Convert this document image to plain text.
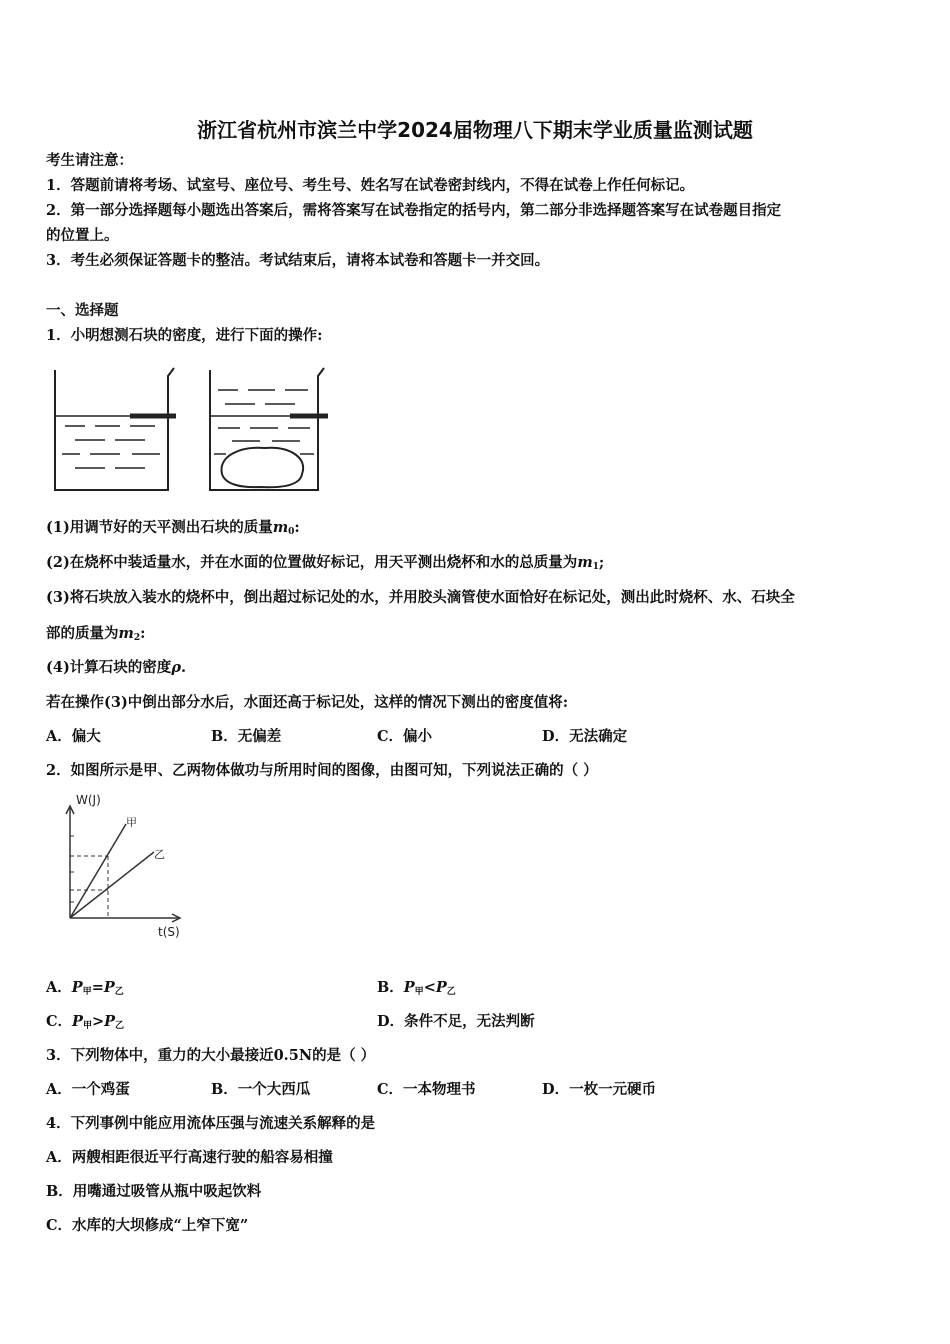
浙江省杭州市滨兰中学2024届物理八下期末学业质量监测试题
考生请注意：
1．答题前请将考场、试室号、座位号、考生号、姓名写在试卷密封线内，不得在试卷上作任何标记。
2．第一部分选择题每小题选出答案后，需将答案写在试卷指定的括号内，第二部分非选择题答案写在试卷题目指定
的位置上。
3．考生必须保证答题卡的整洁。考试结束后，请将本试卷和答题卡一并交回。
一、选择题
1．小明想测石块的密度，进行下面的操作:
(1)用调节好的天平测出石块的质量$m_0$:
(2)在烧杯中装适量水，并在水面的位置做好标记，用天平测出烧杯和水的总质量为$m_1$;
(3)将石块放入装水的烧杯中，倒出超过标记处的水，并用胶头滴管使水面恰好在标记处，测出此时烧杯、水、石块全
部的质量为$m_2$:
(4)计算石块的密度ρ.
若在操作(3)中倒出部分水后，水面还高于标记处，这样的情况下测出的密度值将:
A．偏大	B．无偏差	C．偏小	D．无法确定
2．如图所示是甲、乙两物体做功与所用时间的图像，由图可知，下列说法正确的（ ）
W(J)
t(S)
甲
乙
A．$P_甲=P_乙$	B．$P_甲<P_乙$
C．$P_甲>P_乙$	D．条件不足，无法判断
3．下列物体中，重力的大小最接近0.5N的是（ ）
A．一个鸡蛋	B．一个大西瓜	C．一本物理书	D．一枚一元硬币
4．下列事例中能应用流体压强与流速关系解释的是
A．两艘相距很近平行高速行驶的船容易相撞
B．用嘴通过吸管从瓶中吸起饮料
C．水库的大坝修成“上窄下宽”
